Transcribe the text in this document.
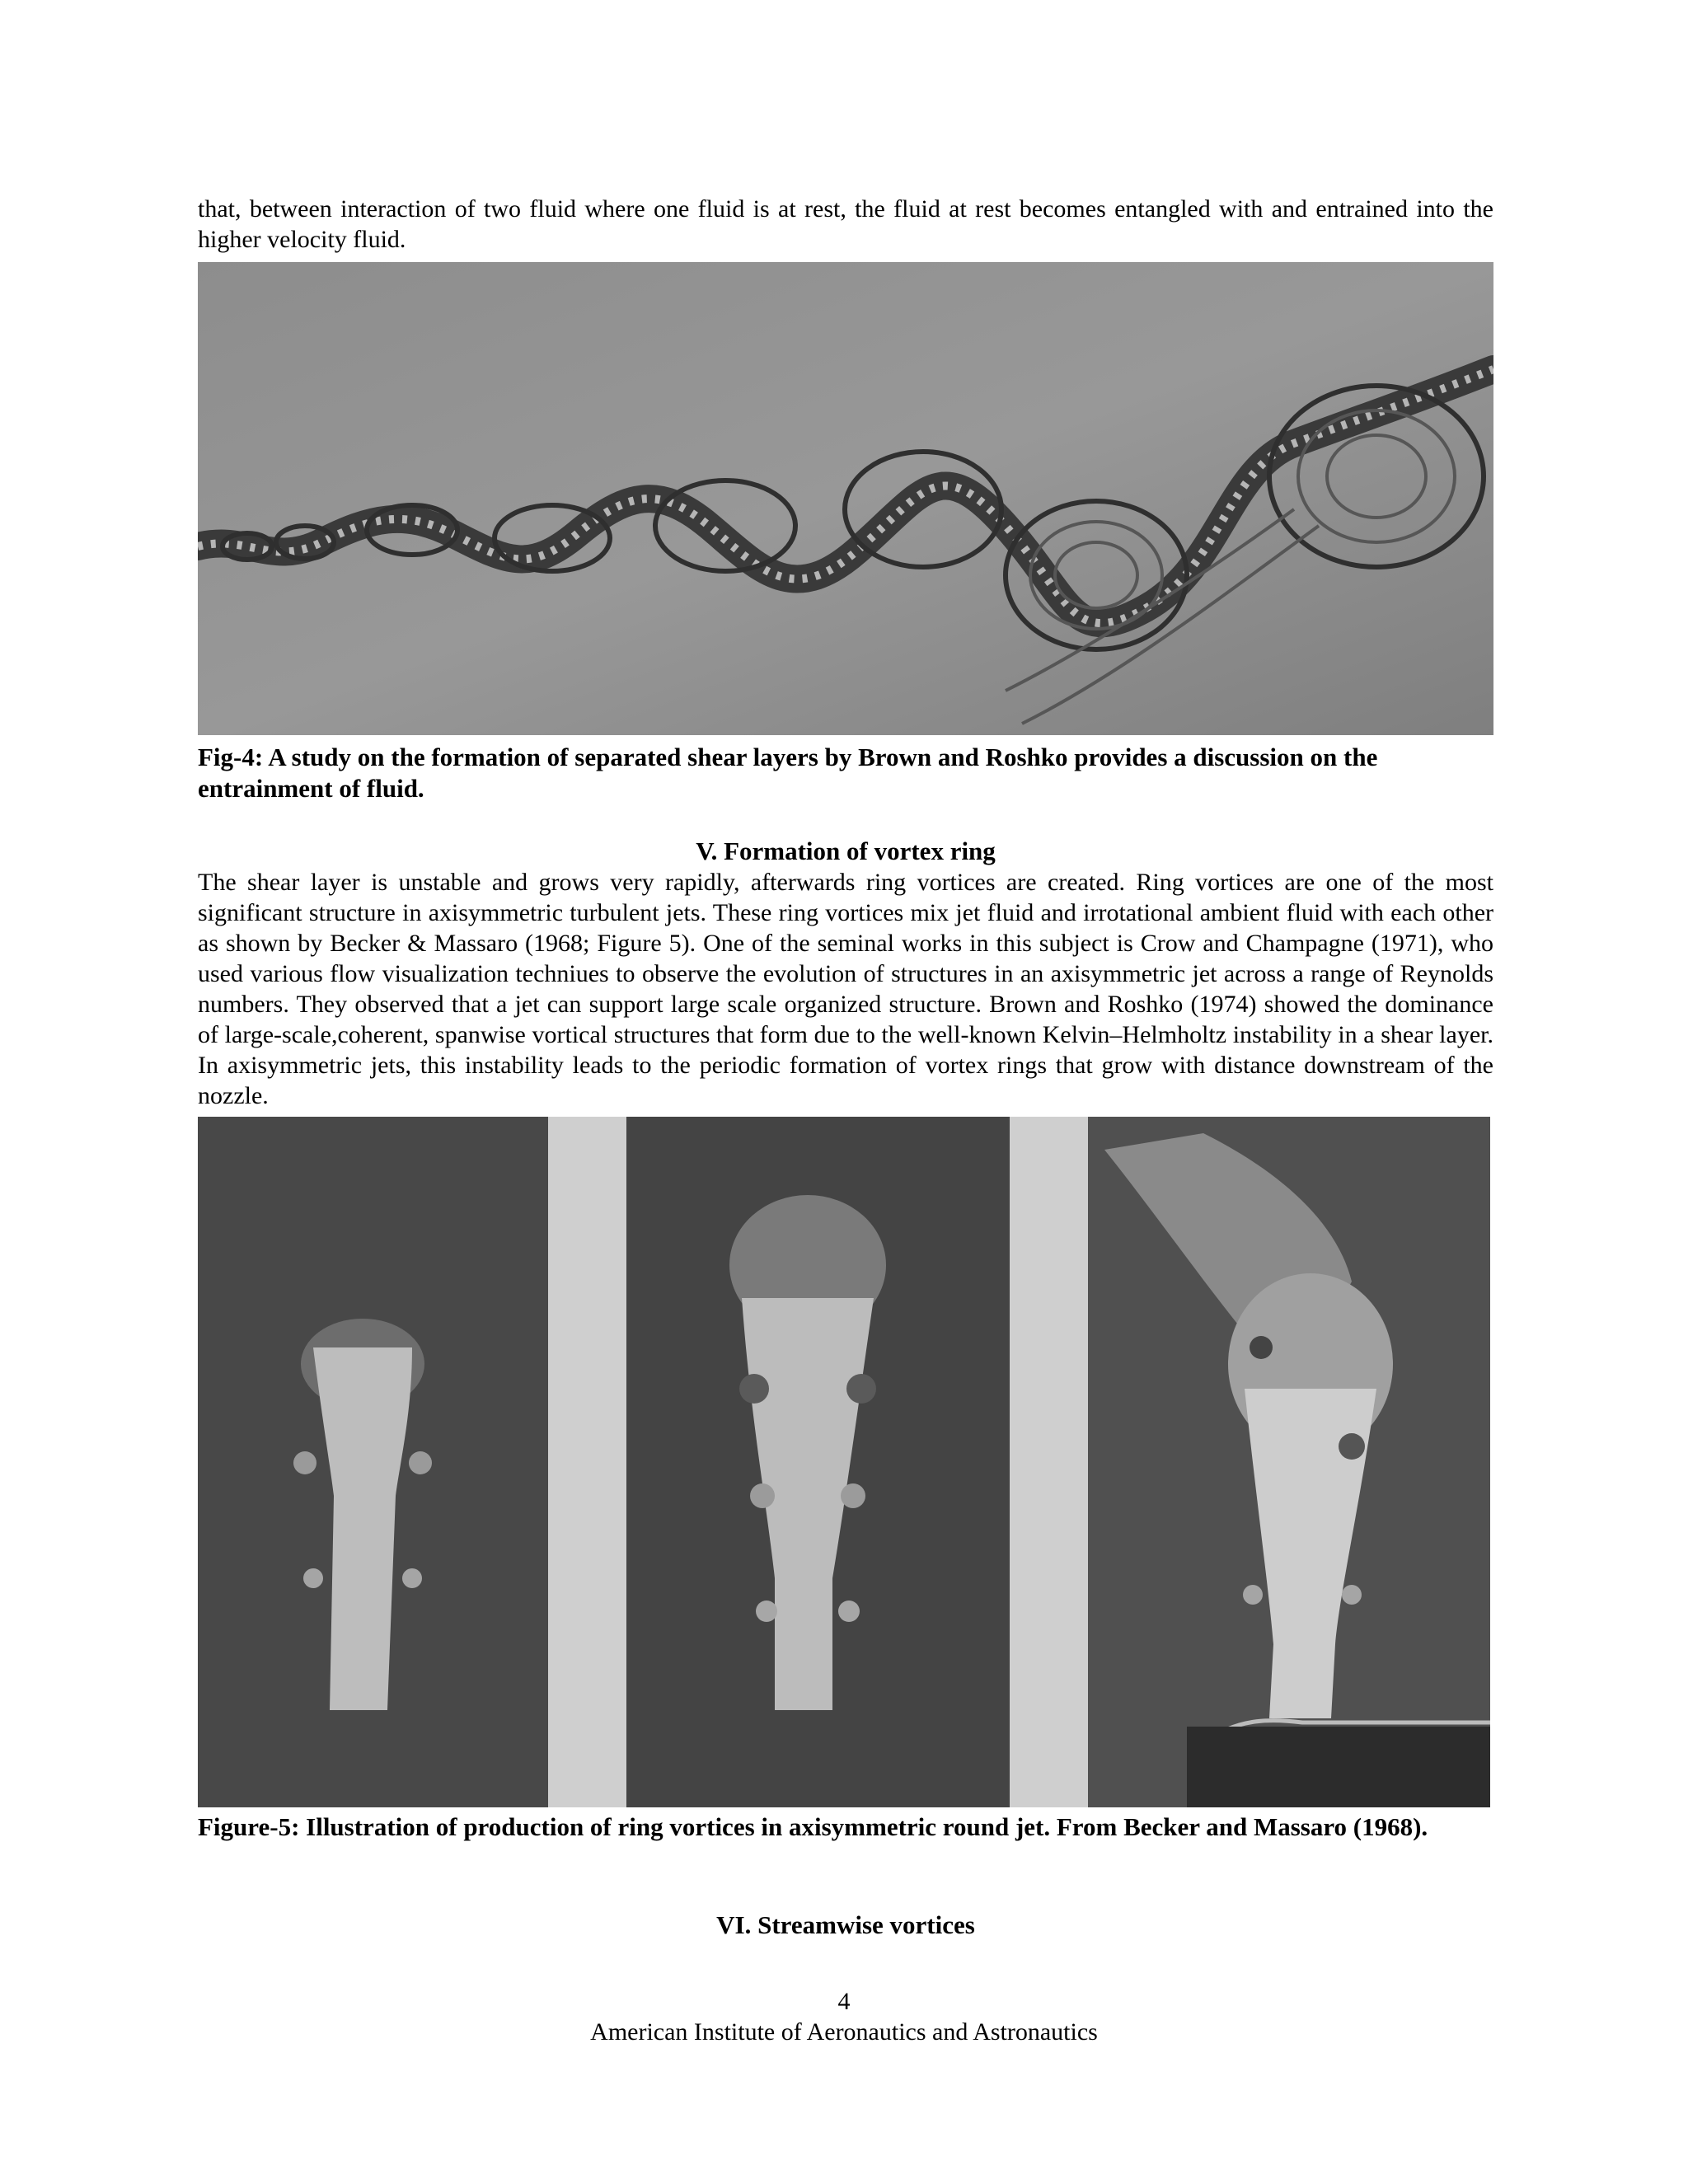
that, between interaction of two fluid where one fluid is at rest, the fluid at rest becomes entangled with and entrained into the higher velocity fluid.

Fig-4: A study on the formation of separated shear layers by Brown and Roshko provides a discussion on the entrainment of fluid.

V. Formation of vortex ring

The shear layer is unstable and grows very rapidly, afterwards ring vortices are created. Ring vortices are one of the most significant structure in axisymmetric turbulent jets. These ring vortices mix jet fluid and irrotational ambient fluid with each other as shown by Becker & Massaro (1968; Figure 5). One of the seminal works in this subject is Crow and Champagne (1971), who used various flow visualization techniues to observe the evolution of structures in an axisymmetric jet across a range of Reynolds numbers. They observed that a jet can support large scale organized structure. Brown and Roshko (1974) showed the dominance of large-scale,coherent, spanwise vortical structures that form due to the well-known Kelvin–Helmholtz instability in a shear layer. In axisymmetric jets, this instability leads to the periodic formation of vortex rings that grow with distance downstream of the nozzle.

Figure-5: Illustration of production of ring vortices in axisymmetric round jet. From Becker and Massaro (1968).

VI. Streamwise vortices
4
American Institute of Aeronautics and Astronautics
